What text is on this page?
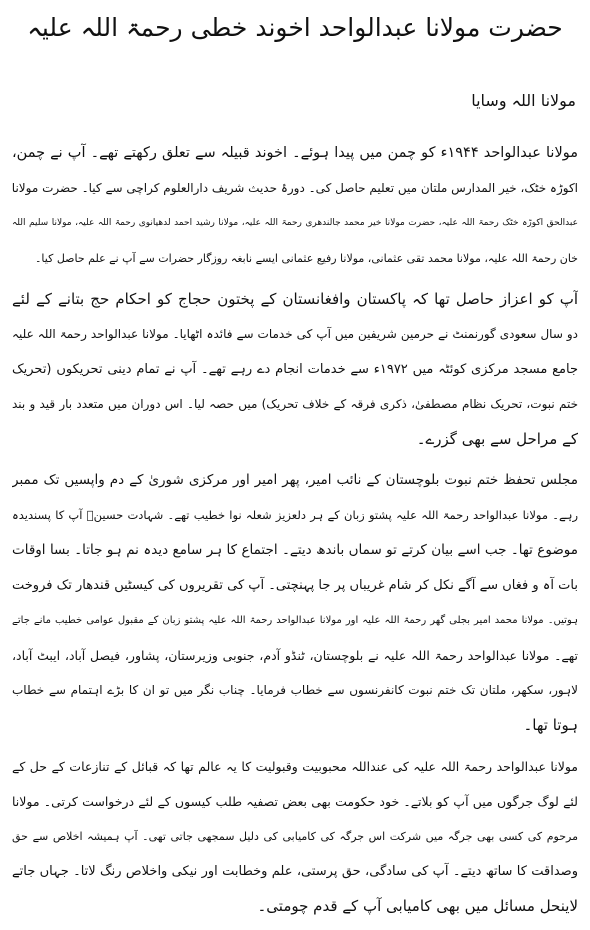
حضرت مولانا عبدالواحد اخوند خطی رحمۃ اللہ علیہ
مولانا اللہ وسایا
مولانا عبدالواحد ۱۹۴۴ء کو چمن میں پیدا ہوئے۔ اخوند قبیلہ سے تعلق رکھتے تھے۔ آپ نے چمن،
اکوڑہ خٹک، خیر المدارس ملتان میں تعلیم حاصل کی۔ دورۂ حدیث شریف دارالعلوم کراچی سے کیا۔ حضرت مولانا
عبدالحق اکوڑہ خٹک رحمۃ اللہ علیہ، حضرت مولانا خیر محمد جالندھری رحمۃ اللہ علیہ، مولانا رشید احمد لدھیانوی رحمۃ اللہ علیہ، مولانا سلیم اللہ
خان رحمۃ اللہ علیہ، مولانا محمد تقی عثمانی، مولانا رفیع عثمانی ایسے نابغہ روزگار حضرات سے آپ نے علم حاصل کیا۔
آپ کو اعزاز حاصل تھا کہ پاکستان وافغانستان کے پختون حجاج کو احکام حج بتانے کے لئے
دو سال سعودی گورنمنٹ نے حرمین شریفین میں آپ کی خدمات سے فائدہ اٹھایا۔ مولانا عبدالواحد رحمۃ اللہ علیہ
جامع مسجد مرکزی کوئٹہ میں ۱۹۷۲ء سے خدمات انجام دے رہے تھے۔ آپ نے تمام دینی تحریکوں (تحریک
ختم نبوت، تحریک نظام مصطفیٰ، ذکری فرقہ کے خلاف تحریک) میں حصہ لیا۔ اس دوران میں متعدد بار قید و بند
کے مراحل سے بھی گزرے۔
مجلس تحفظ ختم نبوت بلوچستان کے نائب امیر، پھر امیر اور مرکزی شوریٰ کے دم واپسیں تک ممبر
رہے۔ مولانا عبدالواحد رحمۃ اللہ علیہ پشتو زبان کے ہر دلعزیز شعلہ نوا خطیب تھے۔ شہادت حسینؓ آپ کا پسندیدہ
موضوع تھا۔ جب اسے بیان کرتے تو سماں باندھ دیتے۔ اجتماع کا ہر سامع دیدہ نم ہو جاتا۔ بسا اوقات
بات آہ و فغاں سے آگے نکل کر شام غریباں پر جا پہنچتی۔ آپ کی تقریروں کی کیسٹیں قندھار تک فروخت
ہوتیں۔ مولانا محمد امیر بجلی گھر رحمۃ اللہ علیہ اور مولانا عبدالواحد رحمۃ اللہ علیہ پشتو زبان کے مقبول عوامی خطیب مانے جاتے
تھے۔ مولانا عبدالواحد رحمۃ اللہ علیہ نے بلوچستان، ٹنڈو آدم، جنوبی وزیرستان، پشاور، فیصل آباد، ایبٹ آباد،
لاہور، سکھر، ملتان تک ختم نبوت کانفرنسوں سے خطاب فرمایا۔ چناب نگر میں تو ان کا بڑے اہتمام سے خطاب
ہوتا تھا۔
مولانا عبدالواحد رحمۃ اللہ علیہ کی عنداللہ محبوبیت وقبولیت کا یہ عالم تھا کہ قبائل کے تنازعات کے حل کے
لئے لوگ جرگوں میں آپ کو بلاتے۔ خود حکومت بھی بعض تصفیہ طلب کیسوں کے لئے درخواست کرتی۔ مولانا
مرحوم کی کسی بھی جرگہ میں شرکت اس جرگہ کی کامیابی کی دلیل سمجھی جاتی تھی۔ آپ ہمیشہ اخلاص سے حق
وصداقت کا ساتھ دیتے۔ آپ کی سادگی، حق پرستی، علم وخطابت اور نیکی واخلاص رنگ لاتا۔ جہاں جاتے
لاینحل مسائل میں بھی کامیابی آپ کے قدم چومتی۔
